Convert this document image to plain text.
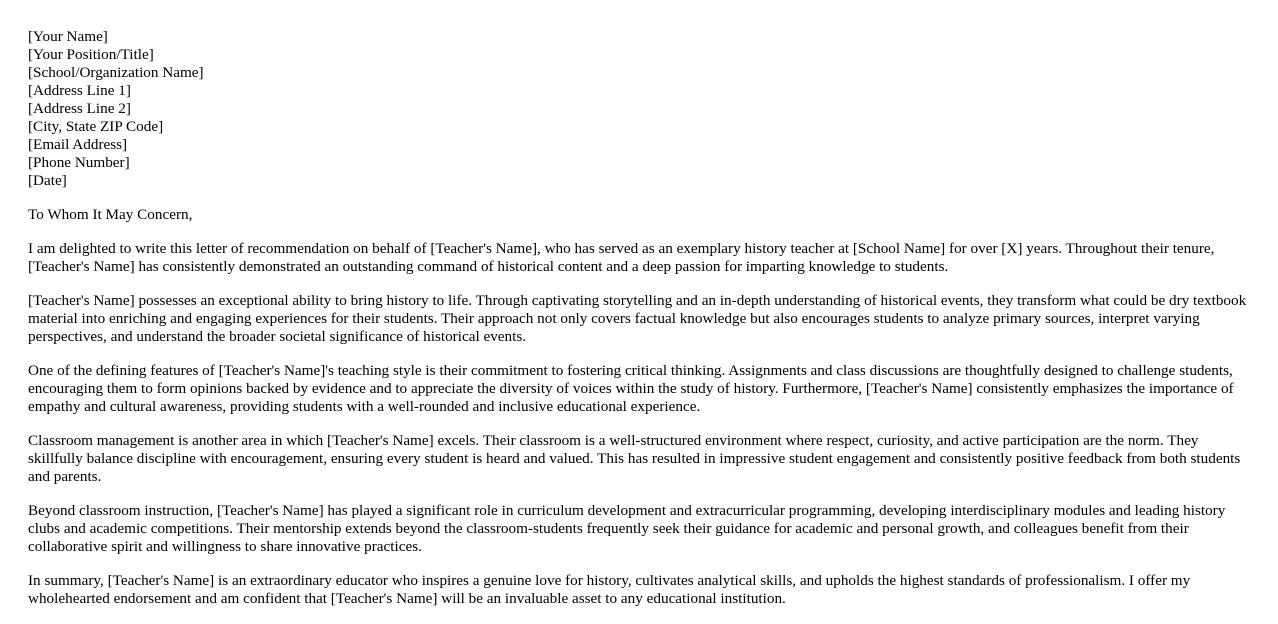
[Your Name]
[Your Position/Title]
[School/Organization Name]
[Address Line 1]
[Address Line 2]
[City, State ZIP Code]
[Email Address]
[Phone Number]
[Date]

To Whom It May Concern,

I am delighted to write this letter of recommendation on behalf of [Teacher's Name], who has served as an exemplary history teacher at [School Name] for over [X] years. Throughout their tenure, [Teacher's Name] has consistently demonstrated an outstanding command of historical content and a deep passion for imparting knowledge to students.

[Teacher's Name] possesses an exceptional ability to bring history to life. Through captivating storytelling and an in-depth understanding of historical events, they transform what could be dry textbook material into enriching and engaging experiences for their students. Their approach not only covers factual knowledge but also encourages students to analyze primary sources, interpret varying perspectives, and understand the broader societal significance of historical events.

One of the defining features of [Teacher's Name]'s teaching style is their commitment to fostering critical thinking. Assignments and class discussions are thoughtfully designed to challenge students, encouraging them to form opinions backed by evidence and to appreciate the diversity of voices within the study of history. Furthermore, [Teacher's Name] consistently emphasizes the importance of empathy and cultural awareness, providing students with a well-rounded and inclusive educational experience.

Classroom management is another area in which [Teacher's Name] excels. Their classroom is a well-structured environment where respect, curiosity, and active participation are the norm. They skillfully balance discipline with encouragement, ensuring every student is heard and valued. This has resulted in impressive student engagement and consistently positive feedback from both students and parents.

Beyond classroom instruction, [Teacher's Name] has played a significant role in curriculum development and extracurricular programming, developing interdisciplinary modules and leading history clubs and academic competitions. Their mentorship extends beyond the classroom-students frequently seek their guidance for academic and personal growth, and colleagues benefit from their collaborative spirit and willingness to share innovative practices.

In summary, [Teacher's Name] is an extraordinary educator who inspires a genuine love for history, cultivates analytical skills, and upholds the highest standards of professionalism. I offer my wholehearted endorsement and am confident that [Teacher's Name] will be an invaluable asset to any educational institution.
